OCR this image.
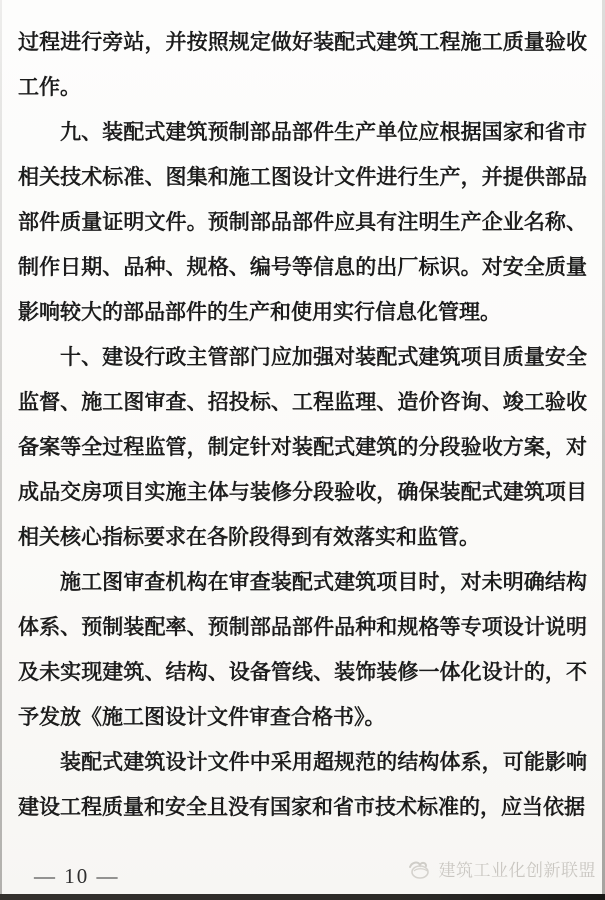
过程进行旁站，并按照规定做好装配式建筑工程施工质量验收
工作。
九、装配式建筑预制部品部件生产单位应根据国家和省市
相关技术标准、图集和施工图设计文件进行生产，并提供部品
部件质量证明文件。预制部品部件应具有注明生产企业名称、
制作日期、品种、规格、编号等信息的出厂标识。对安全质量
影响较大的部品部件的生产和使用实行信息化管理。
十、建设行政主管部门应加强对装配式建筑项目质量安全
监督、施工图审查、招投标、工程监理、造价咨询、竣工验收
备案等全过程监管，制定针对装配式建筑的分段验收方案，对
成品交房项目实施主体与装修分段验收，确保装配式建筑项目
相关核心指标要求在各阶段得到有效落实和监管。
施工图审查机构在审查装配式建筑项目时，对未明确结构
体系、预制装配率、预制部品部件品种和规格等专项设计说明
及未实现建筑、结构、设备管线、装饰装修一体化设计的，不
予发放《施工图设计文件审查合格书》。
装配式建筑设计文件中采用超规范的结构体系，可能影响
建设工程质量和安全且没有国家和省市技术标准的，应当依据
— 10 —	建筑工业化创新联盟
